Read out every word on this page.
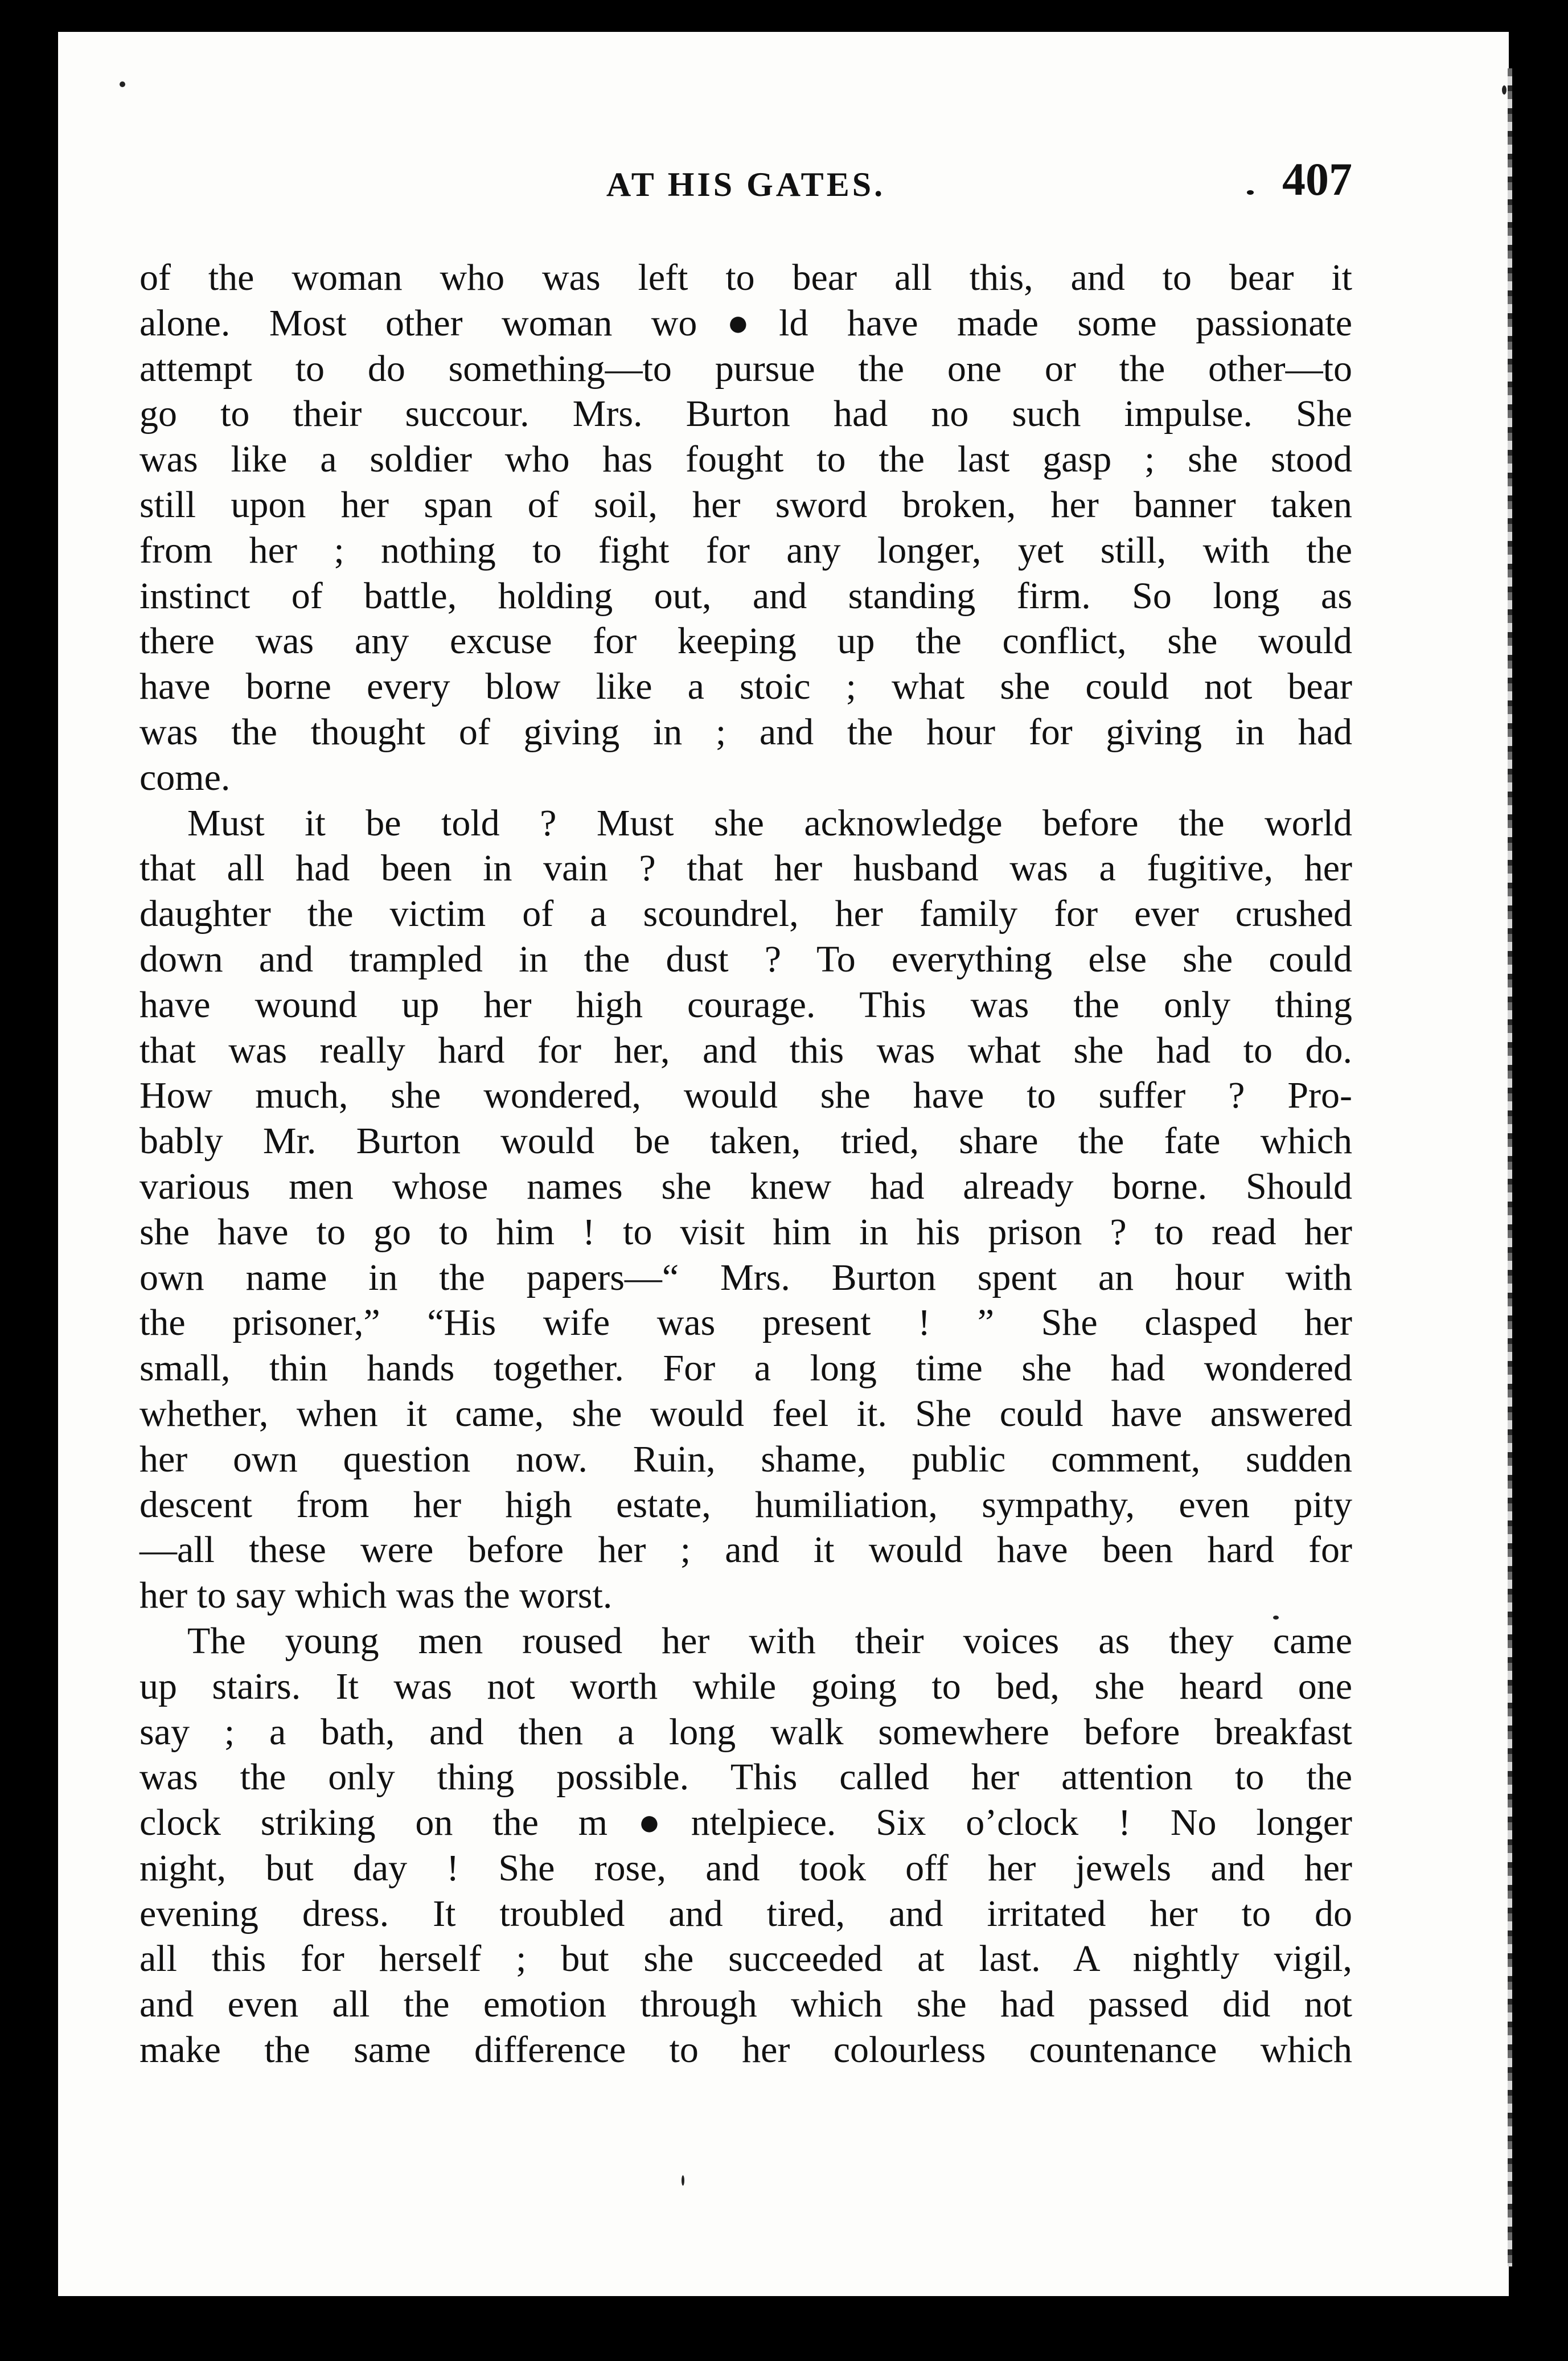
AT HIS GATES.	407
of the woman who was left to bear all this, and to bear it
alone. Most other woman wo●ld have made some passionate
attempt to do something—to pursue the one or the other—to
go to their succour. Mrs. Burton had no such impulse. She
was like a soldier who has fought to the last gasp ; she stood
still upon her span of soil, her sword broken, her banner taken
from her ; nothing to fight for any longer, yet still, with the
instinct of battle, holding out, and standing firm. So long as
there was any excuse for keeping up the conflict, she would
have borne every blow like a stoic ; what she could not bear
was the thought of giving in ; and the hour for giving in had
come.
Must it be told ? Must she acknowledge before the world
that all had been in vain ? that her husband was a fugitive, her
daughter the victim of a scoundrel, her family for ever crushed
down and trampled in the dust ? To everything else she could
have wound up her high courage. This was the only thing
that was really hard for her, and this was what she had to do.
How much, she wondered, would she have to suffer ? Pro-
bably Mr. Burton would be taken, tried, share the fate which
various men whose names she knew had already borne. Should
she have to go to him ! to visit him in his prison ? to read her
own name in the papers—“ Mrs. Burton spent an hour with
the prisoner,” “His wife was present ! ” She clasped her
small, thin hands together. For a long time she had wondered
whether, when it came, she would feel it. She could have answered
her own question now. Ruin, shame, public comment, sudden
descent from her high estate, humiliation, sympathy, even pity
—all these were before her ; and it would have been hard for
her to say which was the worst.
The young men roused her with their voices as they came
up stairs. It was not worth while going to bed, she heard one
say ; a bath, and then a long walk somewhere before breakfast
was the only thing possible. This called her attention to the
clock striking on the m●ntelpiece. Six o’clock ! No longer
night, but day ! She rose, and took off her jewels and her
evening dress. It troubled and tired, and irritated her to do
all this for herself ; but she succeeded at last. A nightly vigil,
and even all the emotion through which she had passed did not
make the same difference to her colourless countenance which
